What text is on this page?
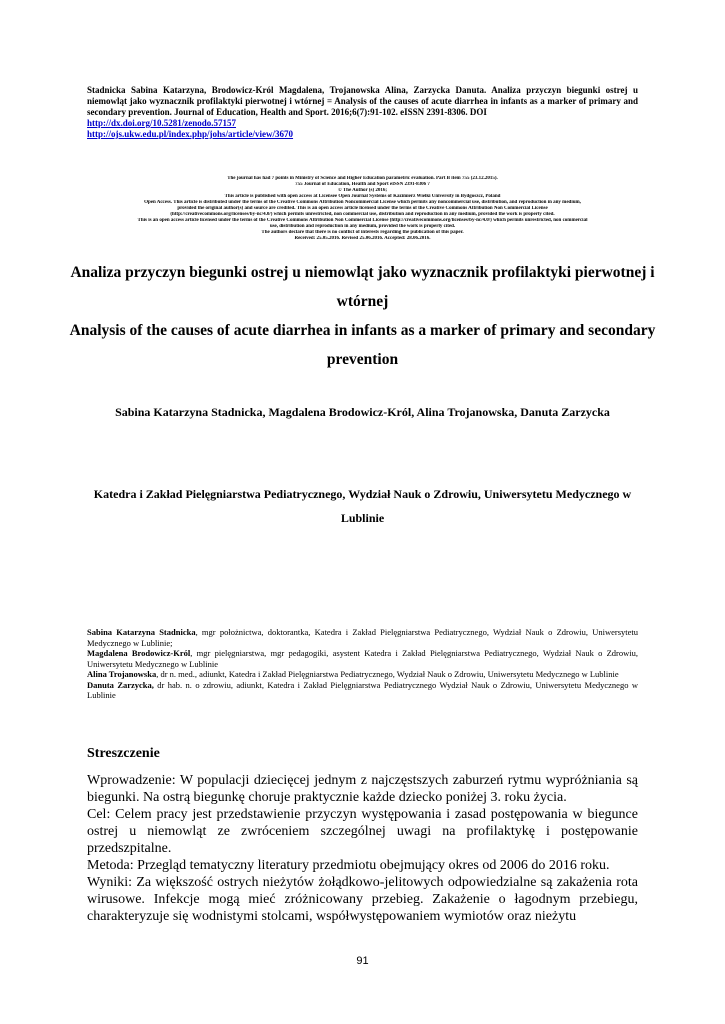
Stadnicka Sabina Katarzyna, Brodowicz-Król Magdalena, Trojanowska Alina, Zarzycka Danuta. Analiza przyczyn biegunki ostrej u niemowląt jako wyznacznik profilaktyki pierwotnej i wtórnej = Analysis of the causes of acute diarrhea in infants as a marker of primary and secondary prevention. Journal of Education, Health and Sport. 2016;6(7):91-102. eISSN 2391-8306. DOI
http://dx.doi.org/10.5281/zenodo.57157
http://ojs.ukw.edu.pl/index.php/johs/article/view/3670
The journal has had 7 points in Ministry of Science and Higher Education parametric evaluation. Part B item 755 (23.12.2015).
755 Journal of Education, Health and Sport eISSN 2391-8306 7
© The Author (s) 2016;
This article is published with open access at Licensee Open Journal Systems of Kazimierz Wielki University in Bydgoszcz, Poland
Open Access. This article is distributed under the terms of the Creative Commons Attribution Noncommercial License which permits any noncommercial use, distribution, and reproduction in any medium,
provided the original author(s) and source are credited. This is an open access article licensed under the terms of the Creative Commons Attribution Non Commercial License
(http://creativecommons.org/licenses/by-nc/4.0/) which permits unrestricted, non commercial use, distribution and reproduction in any medium, provided the work is properly cited.
This is an open access article licensed under the terms of the Creative Commons Attribution Non Commercial License (http://creativecommons.org/licenses/by-nc/4.0/) which permits unrestricted, non commercial
use, distribution and reproduction in any medium, provided the work is properly cited.
The authors declare that there is no conflict of interests regarding the publication of this paper.
Received: 25.05.2016. Revised 25.06.2016. Accepted: 28.06.2016.
Analiza przyczyn biegunki ostrej u niemowląt jako wyznacznik profilaktyki pierwotnej i wtórnej
Analysis of the causes of acute diarrhea in infants as a marker of primary and secondary prevention
Sabina Katarzyna Stadnicka, Magdalena Brodowicz-Król, Alina Trojanowska, Danuta Zarzycka
Katedra i Zakład Pielęgniarstwa Pediatrycznego, Wydział Nauk o Zdrowiu, Uniwersytetu Medycznego w Lublinie

Sabina Katarzyna Stadnicka, mgr położnictwa, doktorantka, Katedra i Zakład Pielęgniarstwa Pediatrycznego, Wydział Nauk o Zdrowiu, Uniwersytetu Medycznego w Lublinie;

Magdalena Brodowicz-Król, mgr pielęgniarstwa, mgr pedagogiki, asystent Katedra i Zakład Pielęgniarstwa Pediatrycznego, Wydział Nauk o Zdrowiu, Uniwersytetu Medycznego w Lublinie

Alina Trojanowska, dr n. med., adiunkt, Katedra i Zakład Pielęgniarstwa Pediatrycznego, Wydział Nauk o Zdrowiu, Uniwersytetu Medycznego w Lublinie

Danuta Zarzycka, dr hab. n. o zdrowiu, adiunkt, Katedra i Zakład Pielęgniarstwa Pediatrycznego Wydział Nauk o Zdrowiu, Uniwersytetu Medycznego w Lublinie

Streszczenie

Wprowadzenie: W populacji dziecięcej jednym z najczęstszych zaburzeń rytmu wypróżniania są biegunki. Na ostrą biegunkę choruje praktycznie każde dziecko poniżej 3. roku życia.

Cel: Celem pracy jest przedstawienie przyczyn występowania i zasad postępowania w biegunce ostrej u niemowląt ze zwróceniem szczególnej uwagi na profilaktykę i postępowanie przedszpitalne.

Metoda: Przegląd tematyczny literatury przedmiotu obejmujący okres od 2006 do 2016 roku.

Wyniki: Za większość ostrych nieżytów żołądkowo-jelitowych odpowiedzialne są zakażenia rota wirusowe. Infekcje mogą mieć zróżnicowany przebieg. Zakażenie o łagodnym przebiegu, charakteryzuje się wodnistymi stolcami, współwystępowaniem wymiotów oraz nieżytu

91
